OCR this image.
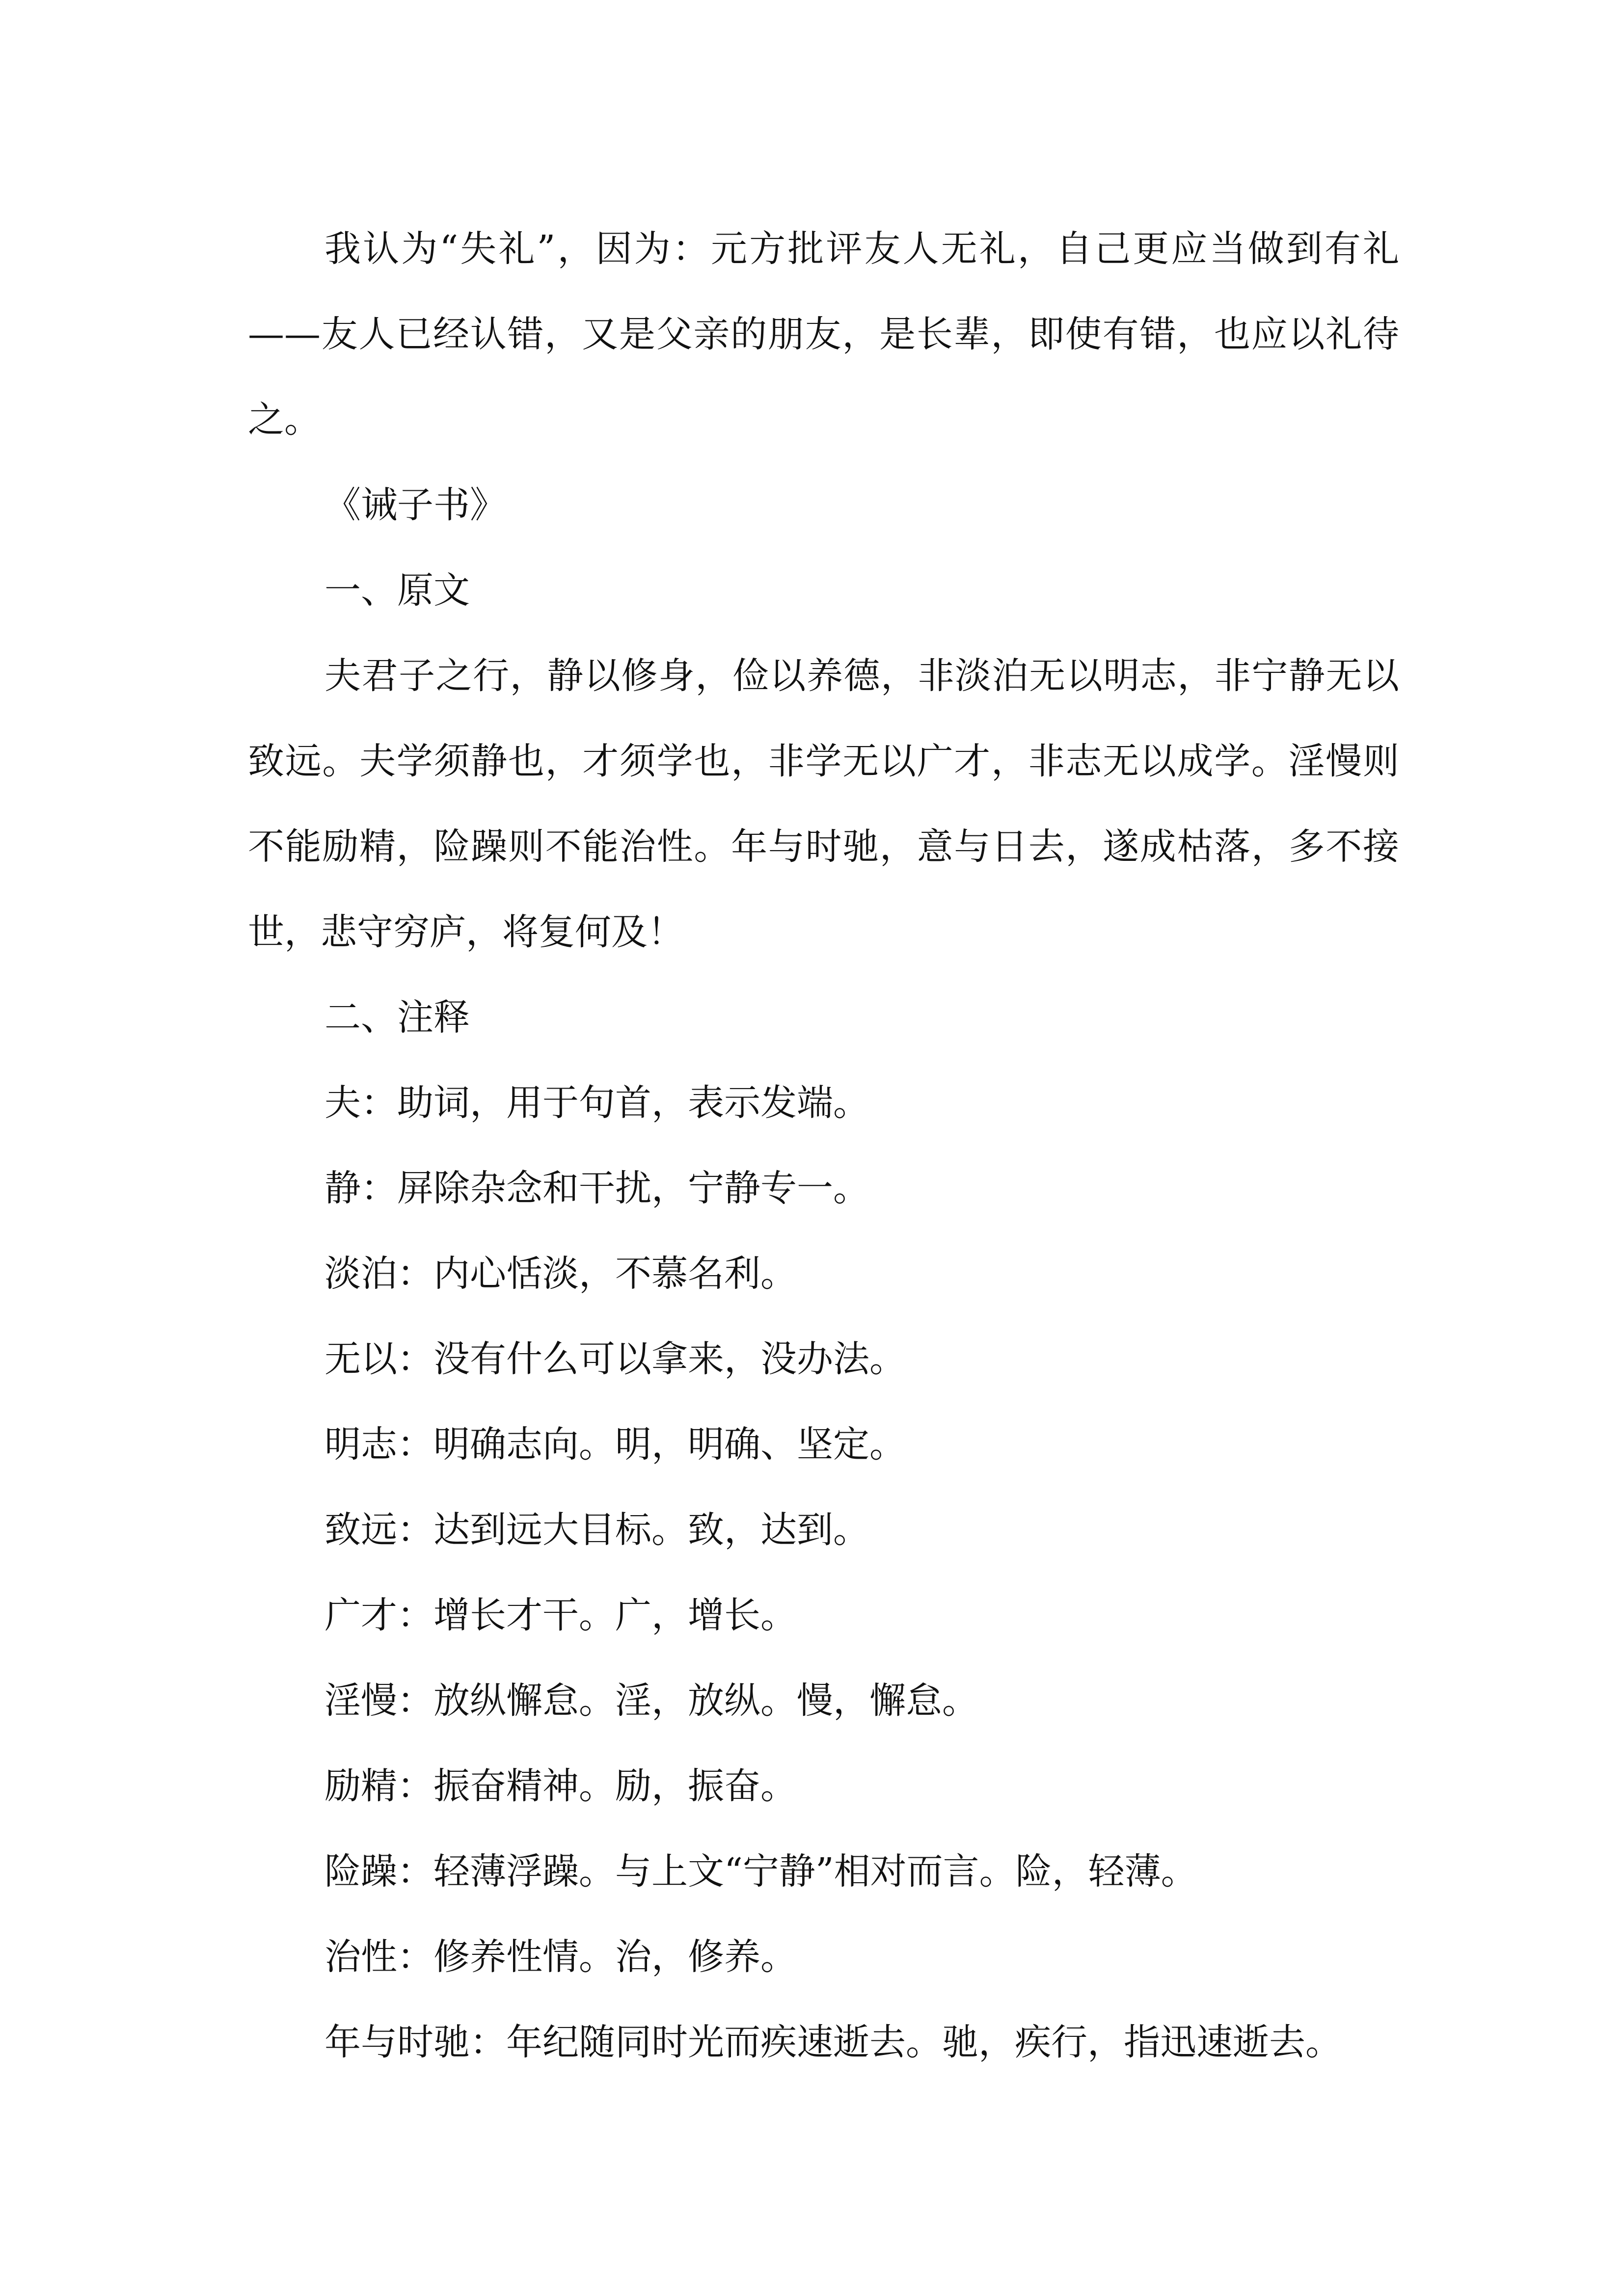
我认为“失礼”，因为：元方批评友人无礼，自己更应当做到有礼——友人已经认错，又是父亲的朋友，是长辈，即使有错，也应以礼待之。

《诫子书》

一、原文

夫君子之行，静以修身，俭以养德，非淡泊无以明志，非宁静无以致远。夫学须静也，才须学也，非学无以广才，非志无以成学。淫慢则不能励精，险躁则不能治性。年与时驰，意与日去，遂成枯落，多不接世，悲守穷庐，将复何及！

二、注释

夫：助词，用于句首，表示发端。

静：屏除杂念和干扰，宁静专一。

淡泊：内心恬淡，不慕名利。

无以：没有什么可以拿来，没办法。

明志：明确志向。明，明确、坚定。

致远：达到远大目标。致，达到。

广才：增长才干。广，增长。

淫慢：放纵懈怠。淫，放纵。慢，懈怠。

励精：振奋精神。励，振奋。

险躁：轻薄浮躁。与上文“宁静”相对而言。险，轻薄。

治性：修养性情。治，修养。

年与时驰：年纪随同时光而疾速逝去。驰，疾行，指迅速逝去。
